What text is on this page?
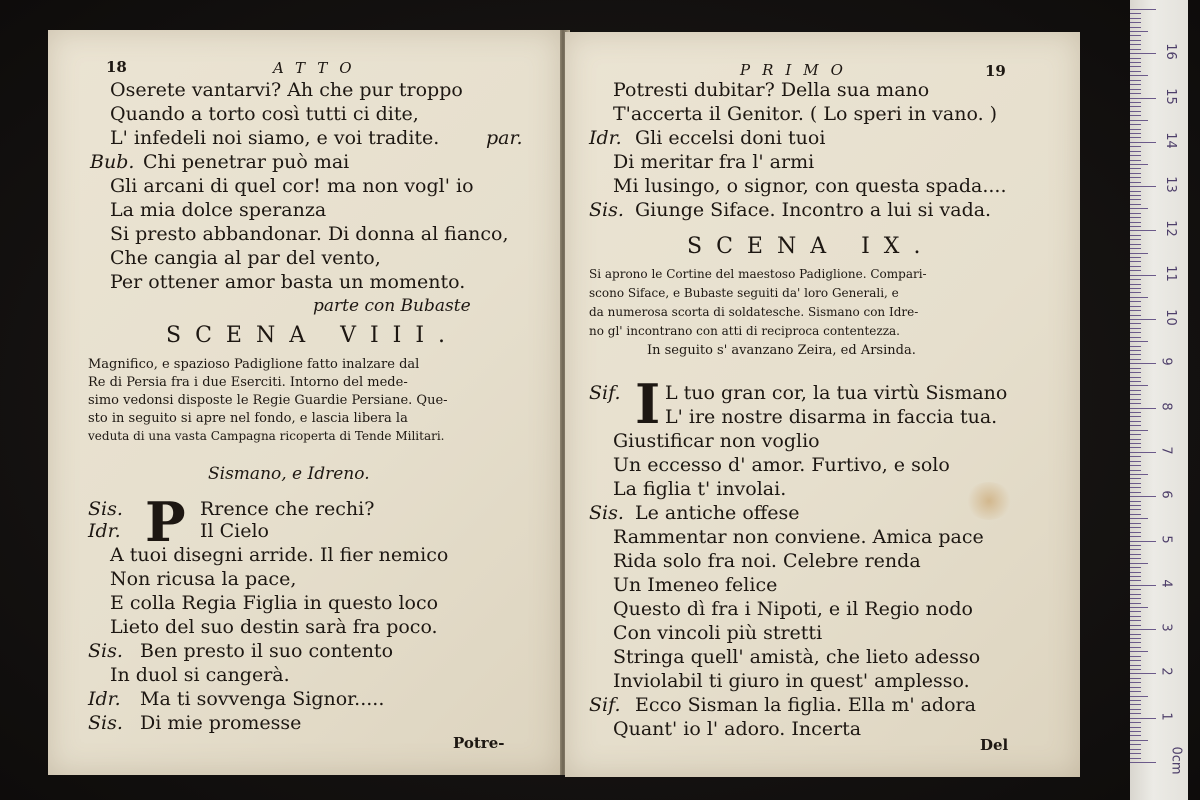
18	ATTO
Oserete vantarvi? Ah che pur troppo
Quando a torto così tutti ci dite,
L' infedeli noi siamo, e voi tradite. par.
Bub. Chi penetrar può mai
Gli arcani di quel cor! ma non vogl' io
La mia dolce speranza
Si presto abbandonar. Di donna al fianco,
Che cangia al par del vento,
Per ottener amor basta un momento.
parte con Bubaste
SCENA VIII.
Magnifico, e spazioso Padiglione fatto inalzare dal
Re di Persia fra i due Eserciti. Intorno del mede-
simo vedonsi disposte le Regie Guardie Persiane. Que-
sto in seguito si apre nel fondo, e lascia libera la
veduta di una vasta Campagna ricoperta di Tende Militari.
Sismano, e Idreno.
P
Sis.	Rrence che rechi?
Idr.	Il Cielo
A tuoi disegni arride. Il fier nemico
Non ricusa la pace,
E colla Regia Figlia in questo loco
Lieto del suo destin sarà fra poco.
Sis. Ben presto il suo contento
In duol si cangerà.
Idr. Ma ti sovvenga Signor.....
Sis. Di mie promesse
Potre-
PRIMO	19
Potresti dubitar? Della sua mano
T'accerta il Genitor. ( Lo speri in vano. )
Idr. Gli eccelsi doni tuoi
Di meritar fra l' armi
Mi lusingo, o signor, con questa spada....
Sis. Giunge Siface. Incontro a lui si vada.
SCENA IX.
Si aprono le Cortine del maestoso Padiglione. Compari-
scono Siface, e Bubaste seguiti da' loro Generali, e
da numerosa scorta di soldatesche. Sismano con Idre-
no gl' incontrano con atti di reciproca contentezza.
In seguito s' avanzano Zeira, ed Arsinda.
I
Sif. L tuo gran cor, la tua virtù Sismano
L' ire nostre disarma in faccia tua.
Giustificar non voglio
Un eccesso d' amor. Furtivo, e solo
La figlia t' involai.
Sis. Le antiche offese
Rammentar non conviene. Amica pace
Rida solo fra noi. Celebre renda
Un Imeneo felice
Questo dì fra i Nipoti, e il Regio nodo
Con vincoli più stretti
Stringa quell' amistà, che lieto adesso
Inviolabil ti giuro in quest' amplesso.
Sif. Ecco Sisman la figlia. Ella m' adora
Quant' io l' adoro. Incerta
Del
0cm
1
2
3
4
5
6
7
8
9
10
11
12
13
14
15
16
